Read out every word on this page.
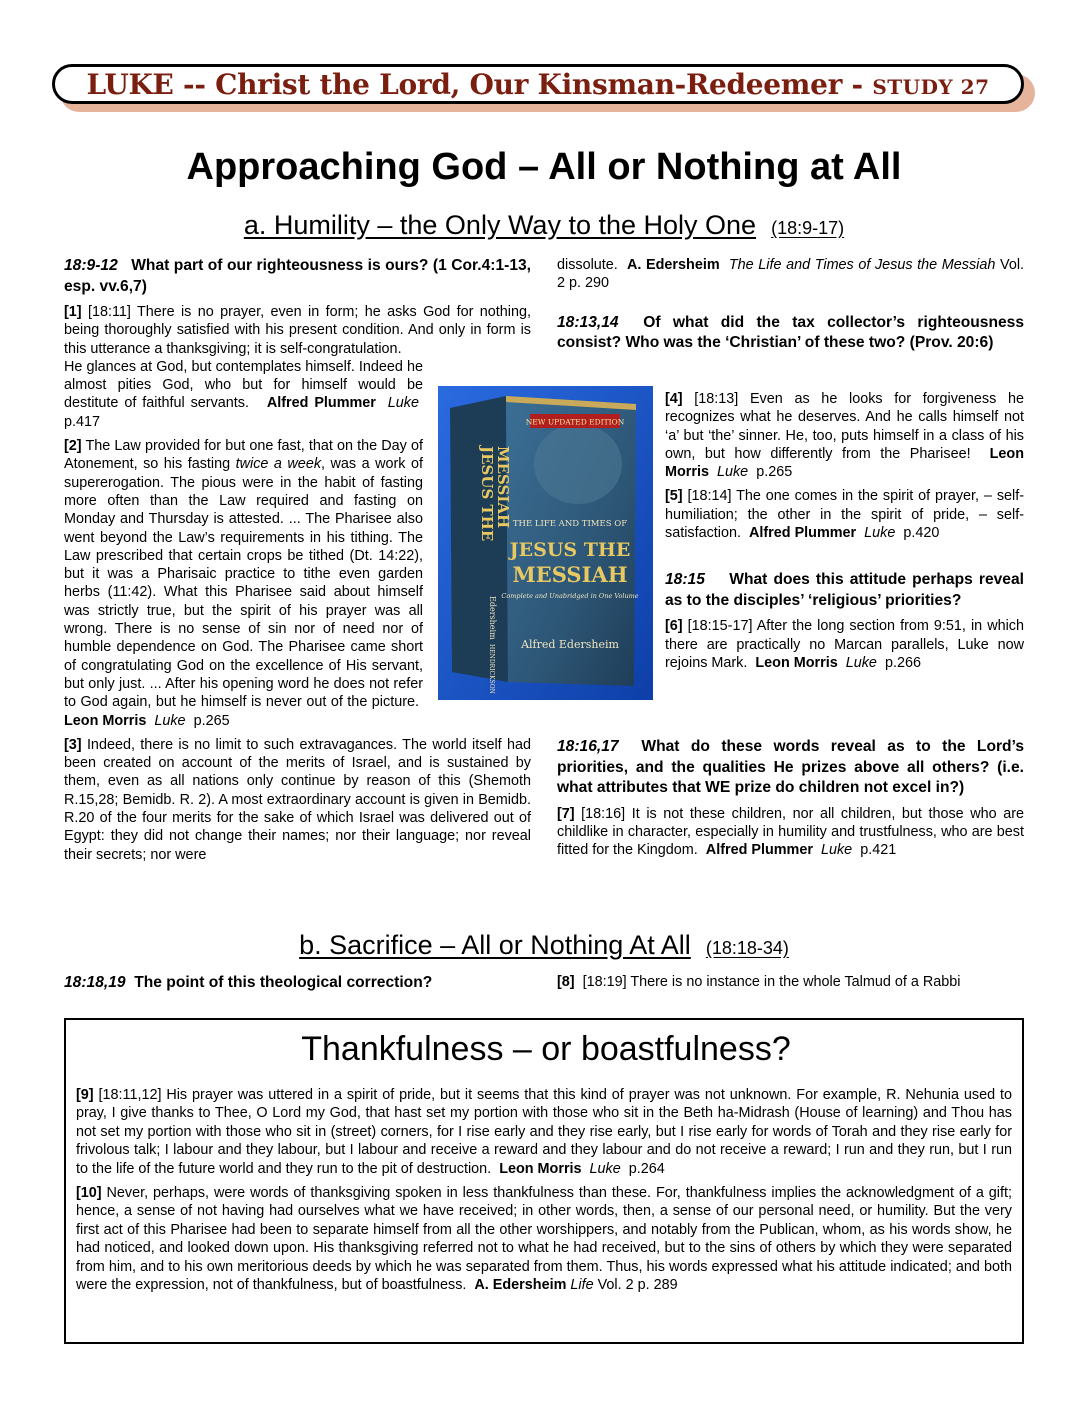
LUKE -- Christ the Lord, Our Kinsman-Redeemer - STUDY 27
Approaching God – All or Nothing at All
a. Humility – the Only Way to the Holy One (18:9-17)
18:9-12 What part of our righteousness is ours? (1 Cor.4:1-13, esp. vv.6,7)

[1] [18:11] There is no prayer, even in form; he asks God for nothing, being thoroughly satisfied with his present condition. And only in form is this utterance a thanksgiving; it is self-congratulation.

He glances at God, but contemplates himself. Indeed he almost pities God, who but for himself would be destitute of faithful servants. Alfred Plummer Luke  p.417

[2] The Law provided for but one fast, that on the Day of Atonement, so his fasting twice a week, was a work of supererogation. The pious were in the habit of fasting more often than the Law required and fasting on Monday and Thursday is attested. ... The Pharisee also went beyond the Law’s requirements in his tithing. The Law prescribed that certain crops be tithed (Dt. 14:22), but it was a Pharisaic practice to tithe even garden herbs (11:42). What this Pharisee said about himself was strictly true, but the spirit of his prayer was all wrong. There is no sense of sin nor of need nor of humble dependence on God. The Pharisee came short of congratulating God on the excellence of His servant, but only just. ... After his opening word he does not refer to God again, but he himself is never out of the picture.  Leon Morris Luke p.265

[3] Indeed, there is no limit to such extravagances. The world itself had been created on account of the merits of Israel, and is sustained by them, even as all nations only continue by reason of this (Shemoth R.15,28; Bemidb. R. 2). A most extraordinary account is given in Bemidb. R.20 of the four merits for the sake of which Israel was delivered out of Egypt: they did not change their names; nor their language; nor reveal their secrets; nor were

NEW UPDATED EDITION
THE LIFE AND TIMES OF
JESUS THE
MESSIAH
Complete and Unabridged in One Volume
Alfred Edersheim
JESUS THE
MESSIAH
Edersheim
HENDRICKSON

dissolute. A. Edersheim The Life and Times of Jesus the Messiah Vol. 2 p. 290

18:13,14 Of what did the tax collector’s righteousness consist? Who was the ‘Christian’ of these two? (Prov. 20:6)

[4] [18:13] Even as he looks for forgiveness he recognizes what he deserves. And he calls himself not ‘a’ but ‘the’ sinner. He, too, puts himself in a class of his own, but how differently from the Pharisee! Leon Morris Luke p.265

[5] [18:14] The one comes in the spirit of prayer, – self-humiliation; the other in the spirit of pride, – self-satisfaction. Alfred Plummer Luke p.420

18:15 What does this attitude perhaps reveal as to the disciples’ ‘religious’ priorities?

[6] [18:15-17] After the long section from 9:51, in which there are practically no Marcan parallels, Luke now rejoins Mark. Leon Morris Luke p.266

18:16,17 What do these words reveal as to the Lord’s priorities, and the qualities He prizes above all others? (i.e. what attributes that WE prize do children not excel in?)

[7] [18:16] It is not these children, nor all children, but those who are childlike in character, especially in humility and trustfulness, who are best fitted for the Kingdom. Alfred Plummer Luke p.421

b. Sacrifice – All or Nothing At All (18:18-34)
18:18,19 The point of this theological correction?	[8] [18:19] There is no instance in the whole Talmud of a Rabbi
Thankfulness – or boastfulness?

[9] [18:11,12] His prayer was uttered in a spirit of pride, but it seems that this kind of prayer was not unknown. For example, R. Nehunia used to pray, I give thanks to Thee, O Lord my God, that hast set my portion with those who sit in the Beth ha-Midrash (House of learning) and Thou has not set my portion with those who sit in (street) corners, for I rise early and they rise early, but I rise early for words of Torah and they rise early for frivolous talk; I labour and they labour, but I labour and receive a reward and they labour and do not receive a reward; I run and they run, but I run to the life of the future world and they run to the pit of destruction. Leon Morris Luke p.264

[10] Never, perhaps, were words of thanksgiving spoken in less thankfulness than these. For, thankfulness implies the acknowledgment of a gift; hence, a sense of not having had ourselves what we have received; in other words, then, a sense of our personal need, or humility. But the very first act of this Pharisee had been to separate himself from all the other worshippers, and notably from the Publican, whom, as his words show, he had noticed, and looked down upon. His thanksgiving referred not to what he had received, but to the sins of others by which they were separated from him, and to his own meritorious deeds by which he was separated from them. Thus, his words expressed what his attitude indicated; and both were the expression, not of thankfulness, but of boastfulness. A. Edersheim Life Vol. 2 p. 289
